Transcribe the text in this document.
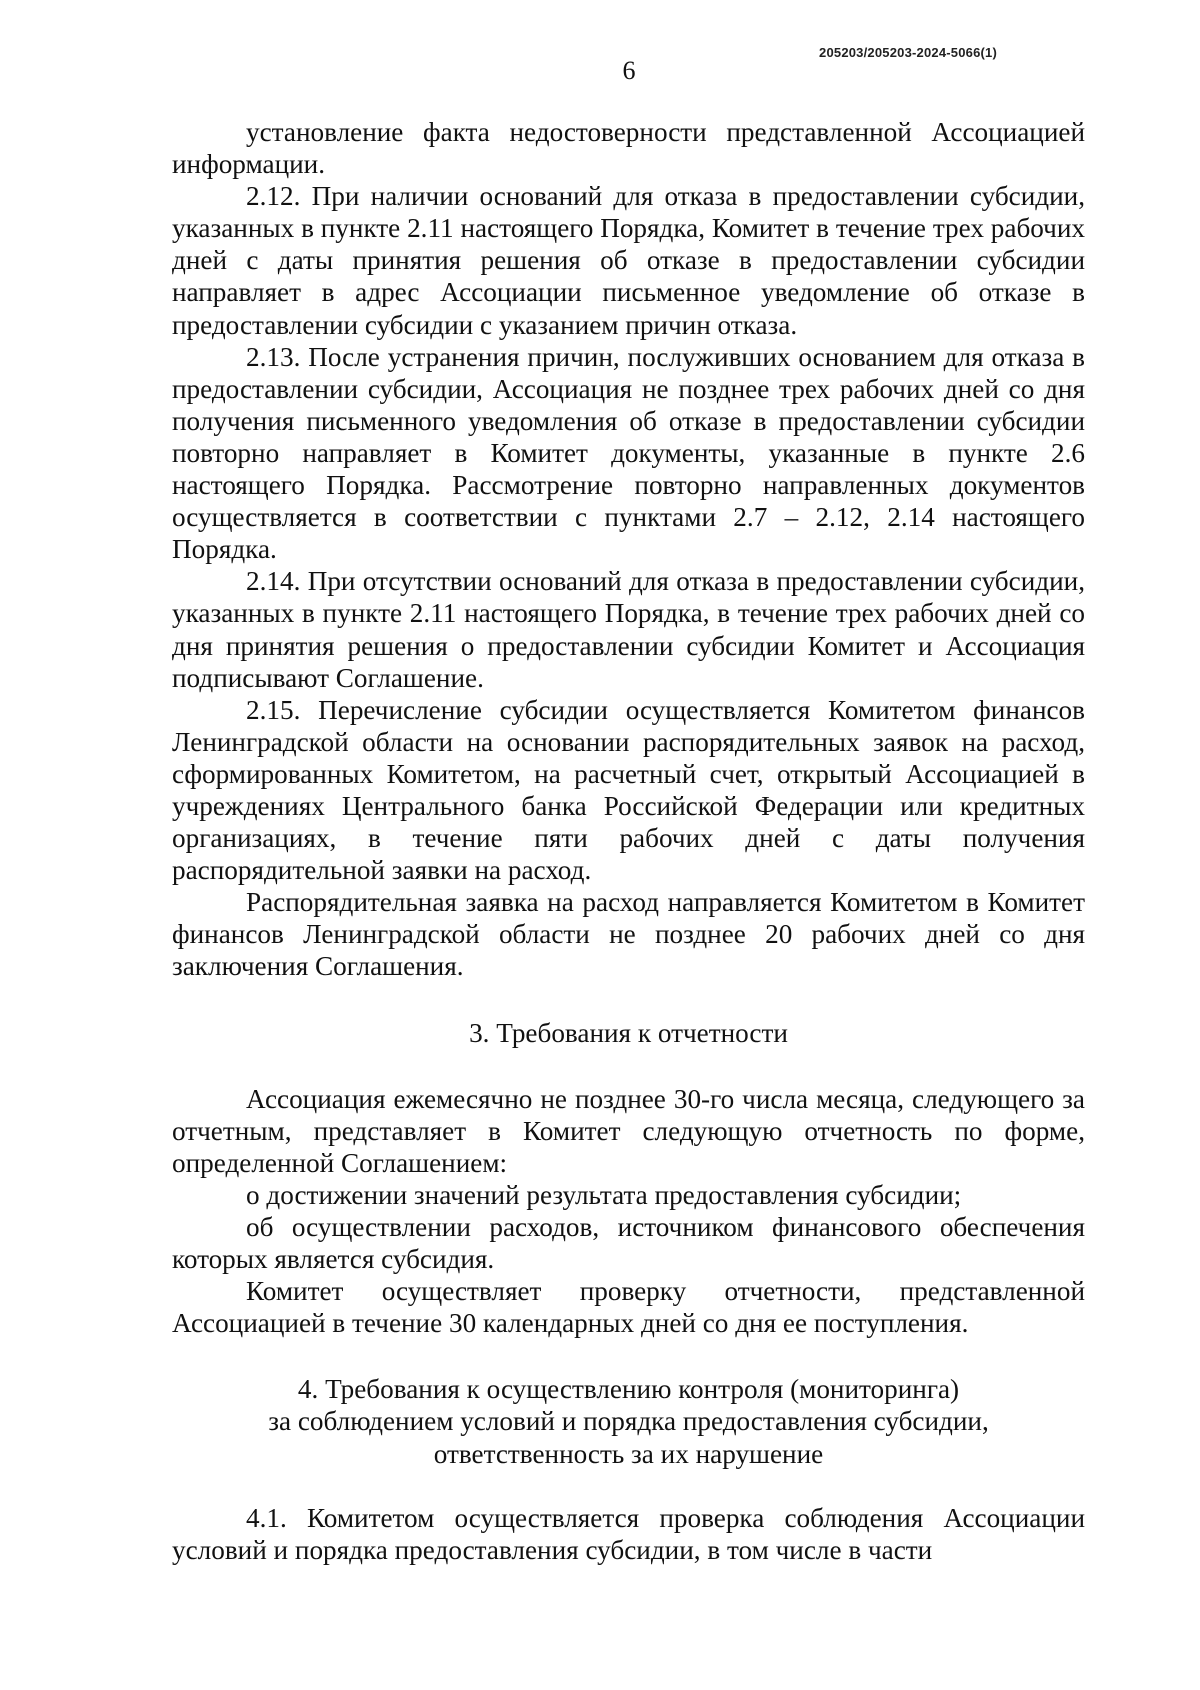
6
205203/205203-2024-5066(1)

установление факта недостоверности представленной Ассоциацией информации.

2.12. При наличии оснований для отказа в предоставлении субсидии, указанных в пункте 2.11 настоящего Порядка, Комитет в течение трех рабочих дней с даты принятия решения об отказе в предоставлении субсидии направляет в адрес Ассоциации письменное уведомление об отказе в предоставлении субсидии с указанием причин отказа.

2.13. После устранения причин, послуживших основанием для отказа в предоставлении субсидии, Ассоциация не позднее трех рабочих дней со дня получения письменного уведомления об отказе в предоставлении субсидии повторно направляет в Комитет документы, указанные в пункте 2.6 настоящего Порядка. Рассмотрение повторно направленных документов осуществляется в соответствии с пунктами 2.7 – 2.12, 2.14 настоящего Порядка.

2.14. При отсутствии оснований для отказа в предоставлении субсидии, указанных в пункте 2.11 настоящего Порядка, в течение трех рабочих дней со дня принятия решения о предоставлении субсидии Комитет и Ассоциация подписывают Соглашение.

2.15. Перечисление субсидии осуществляется Комитетом финансов Ленинградской области на основании распорядительных заявок на расход, сформированных Комитетом, на расчетный счет, открытый Ассоциацией в учреждениях Центрального банка Российской Федерации или кредитных организациях, в течение пяти рабочих дней с даты получения распорядительной заявки на расход.

Распорядительная заявка на расход направляется Комитетом в Комитет финансов Ленинградской области не позднее 20 рабочих дней со дня заключения Соглашения.

3. Требования к отчетности

Ассоциация ежемесячно не позднее 30-го числа месяца, следующего за отчетным, представляет в Комитет следующую отчетность по форме, определенной Соглашением:

о достижении значений результата предоставления субсидии;

об осуществлении расходов, источником финансового обеспечения которых является субсидия.

Комитет осуществляет проверку отчетности, представленной Ассоциацией в течение 30 календарных дней со дня ее поступления.

4. Требования к осуществлению контроля (мониторинга)
за соблюдением условий и порядка предоставления субсидии,
ответственность за их нарушение

4.1. Комитетом осуществляется проверка соблюдения Ассоциации условий и порядка предоставления субсидии, в том числе в части
